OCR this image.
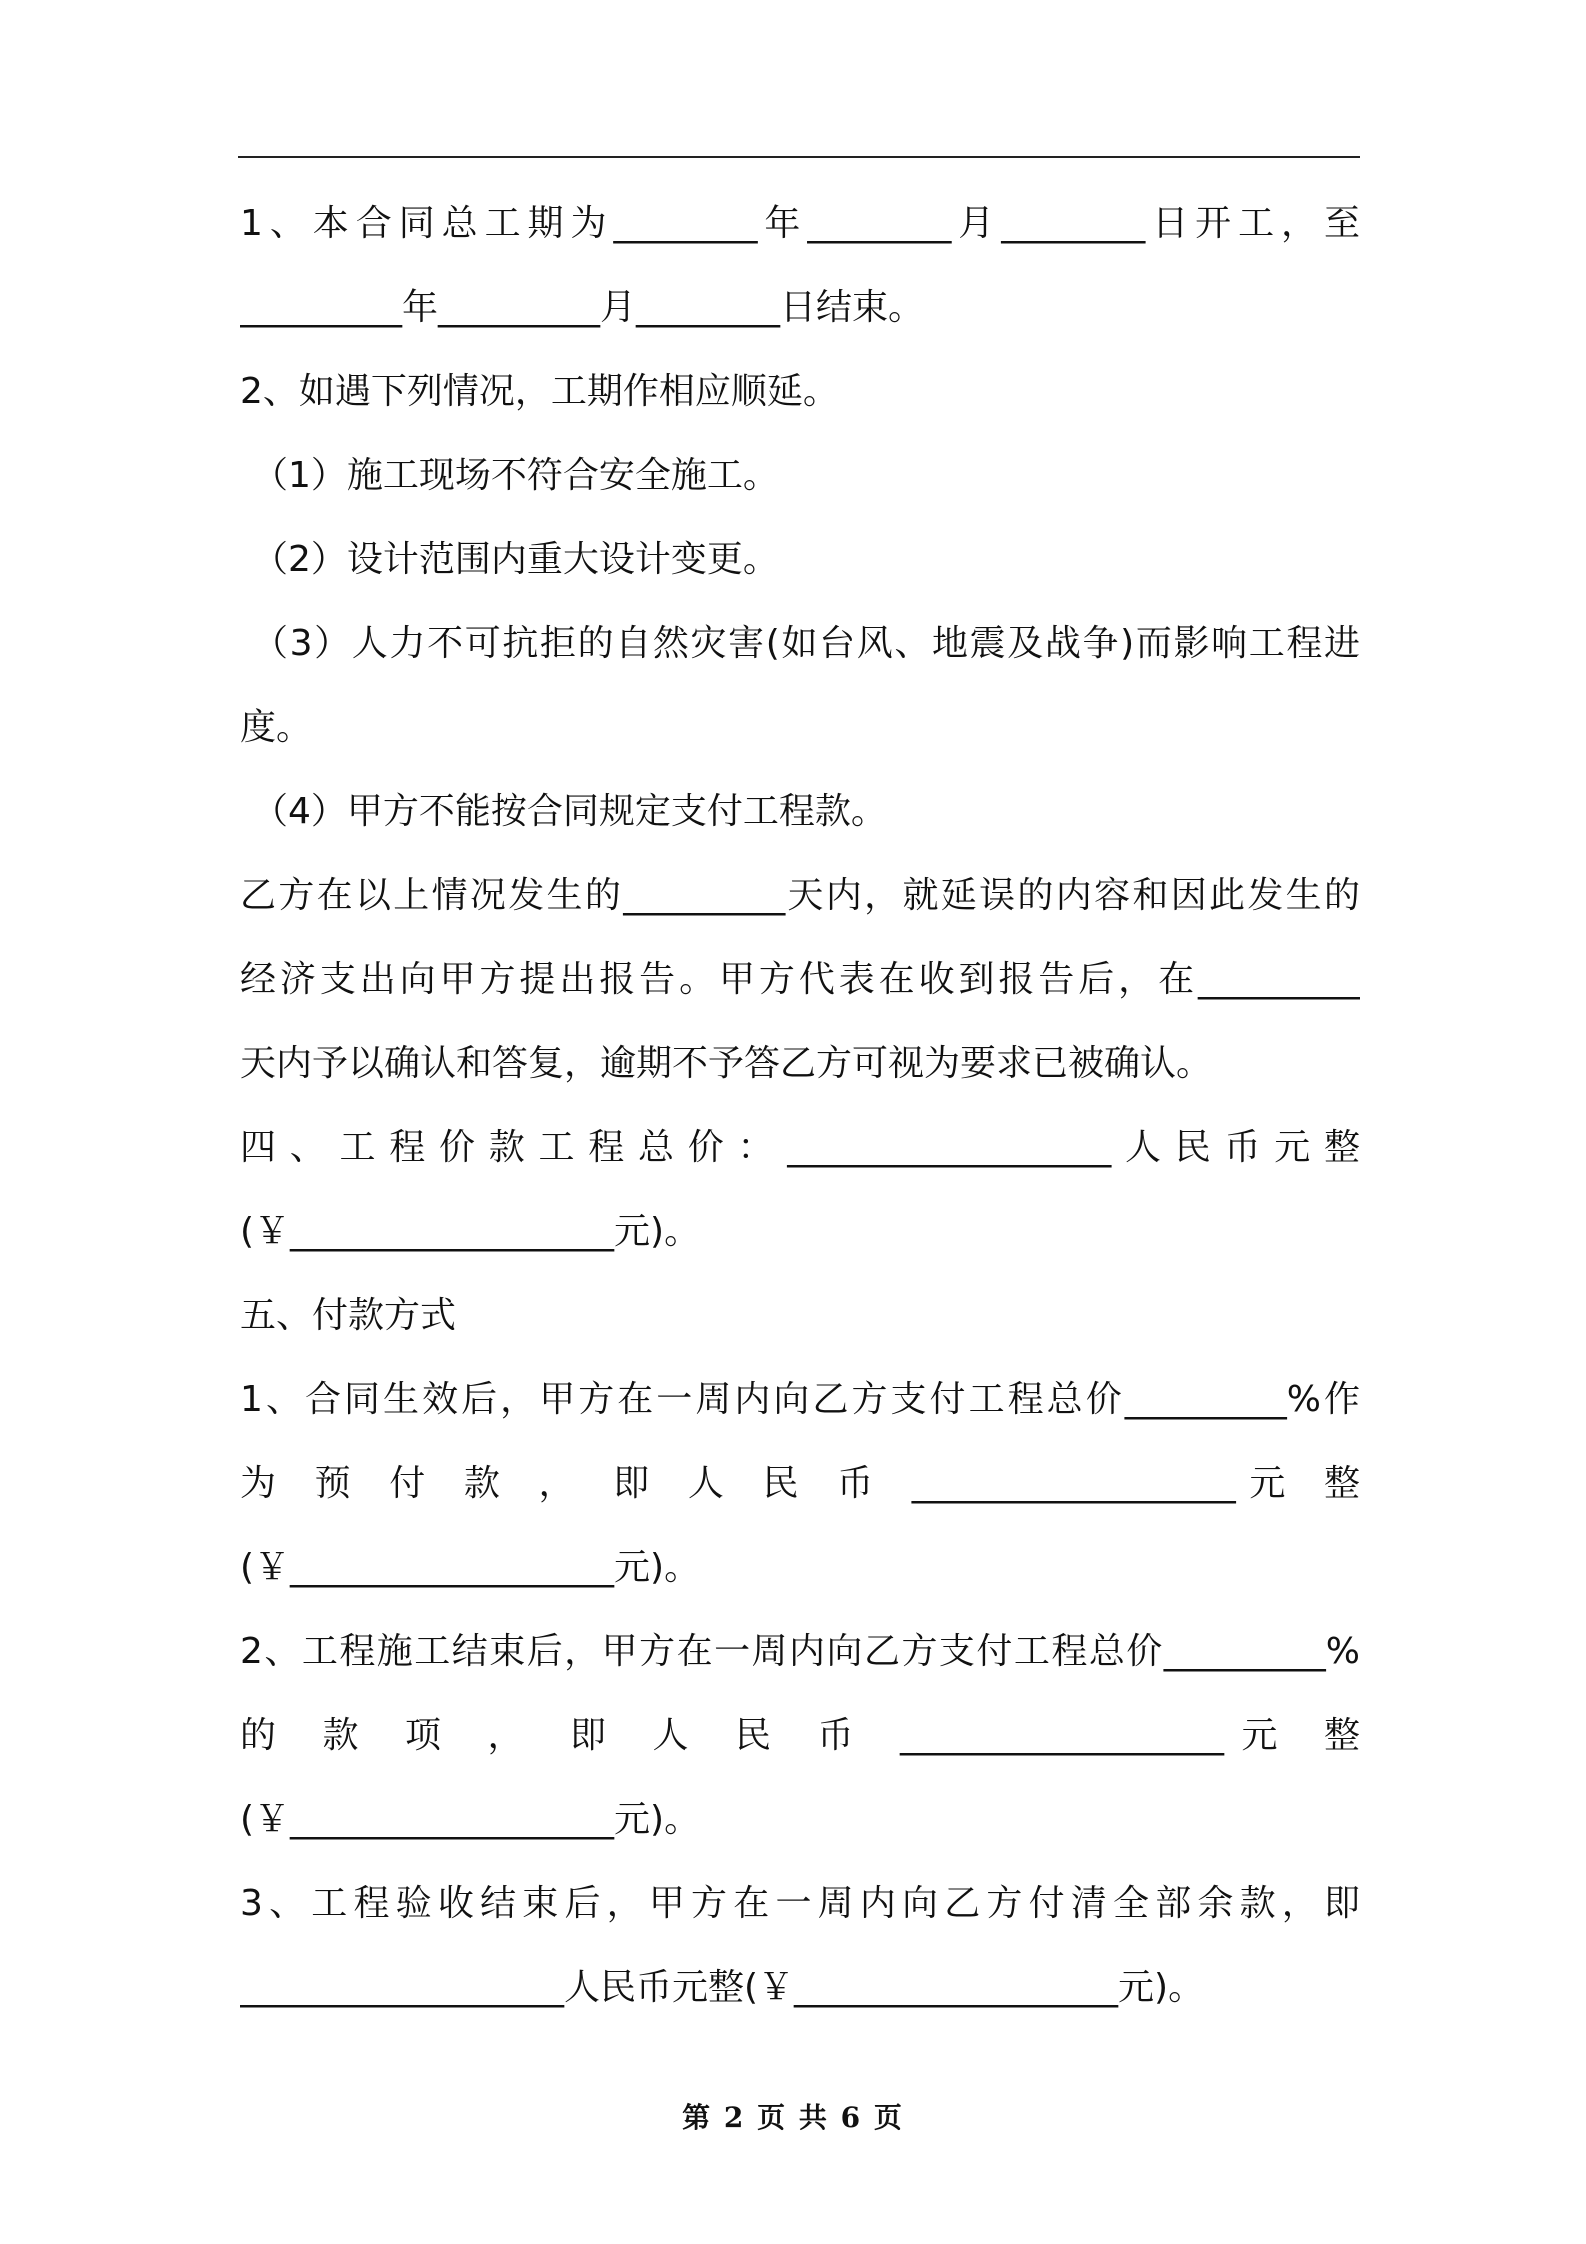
1、本合同总工期为________年________月________日开工，至
_________年_________月________日结束。
2、如遇下列情况，工期作相应顺延。
（1）施工现场不符合安全施工。
（2）设计范围内重大设计变更。
（3）人力不可抗拒的自然灾害(如台风、地震及战争)而影响工程进
度。
（4）甲方不能按合同规定支付工程款。
乙方在以上情况发生的_________天内，就延误的内容和因此发生的
经济支出向甲方提出报告。甲方代表在收到报告后，在_________
天内予以确认和答复，逾期不予答乙方可视为要求已被确认。
四、工程价款工程总价：__________________人民币元整
(￥__________________元)。
五、付款方式
1、合同生效后，甲方在一周内向乙方支付工程总价_________%作
为 预 付 款 ， 即 人 民 币 __________________元 整
(￥__________________元)。
2、工程施工结束后，甲方在一周内向乙方支付工程总价_________%
的 款 项 ， 即 人 民 币 __________________元 整
(￥__________________元)。
3、工程验收结束后，甲方在一周内向乙方付清全部余款，即
__________________人民币元整(￥__________________元)。
第 2 页 共 6 页
